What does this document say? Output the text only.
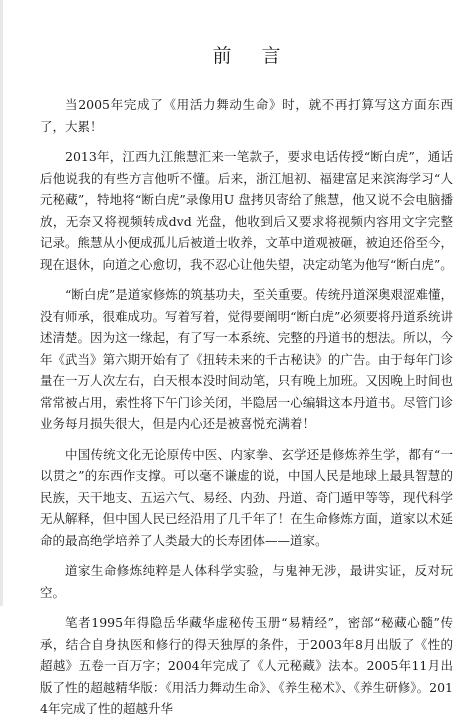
前 言

当2005年完成了《用活力舞动生命》时，就不再打算写这方面东西了，大累！

2013年，江西九江熊慧汇来一笔款子，要求电话传授“断白虎”，通话后他说我的有些方言他听不懂。后来，浙江旭初、福建富足来滨海学习“人元秘藏”，特地将“断白虎”录像用U 盘拷贝寄给了熊慧，他又说不会电脑播放，无奈又将视频转成dvd 光盘，他收到后又要求将视频内容用文字完整记录。熊慧从小便成孤儿后被道士收养，文革中道观被砸，被迫还俗至今，现在退休，向道之心愈切，我不忍心让他失望，决定动笔为他写“断白虎”。

“断白虎”是道家修炼的筑基功夫，至关重要。传统丹道深奥艰涩难懂，没有师承，很难成功。写着写着，觉得要阐明“断白虎”必须要将丹道系统讲述清楚。因为这一缘起，有了写一本系统、完整的丹道书的想法。所以，今年《武当》第六期开始有了《扭转未来的千古秘诀》的广告。由于每年门诊量在一万人次左右，白天根本没时间动笔，只有晚上加班。又因晚上时间也常常被占用，索性将下午门诊关闭，半隐居一心编辑这本丹道书。尽管门诊业务每月损失很大，但是内心还是被喜悦充满着！

中国传统文化无论原传中医、内家拳、玄学还是修炼养生学，都有“一以贯之”的东西作支撑。可以毫不谦虚的说，中国人民是地球上最具智慧的民族，天干地支、五运六气、易经、内劲、丹道、奇门遁甲等等，现代科学无从解释，但中国人民已经沿用了几千年了！在生命修炼方面，道家以术延命的最高绝学培养了人类最大的长寿团体——道家。

道家生命修炼纯粹是人体科学实验，与鬼神无涉，最讲实证，反对玩空。

笔者1995年得隐岳华藏华虚秘传玉册“易精经”，密部“秘藏心髓”传承，结合自身执医和修行的得天独厚的条件，于2003年8月出版了《性的超越》五卷一百万字；2004年完成了《人元秘藏》法本。2005年11月出版了性的超越精华版：《用活力舞动生命》、《养生秘术》、《养生研修》。2014年完成了性的超越升华
